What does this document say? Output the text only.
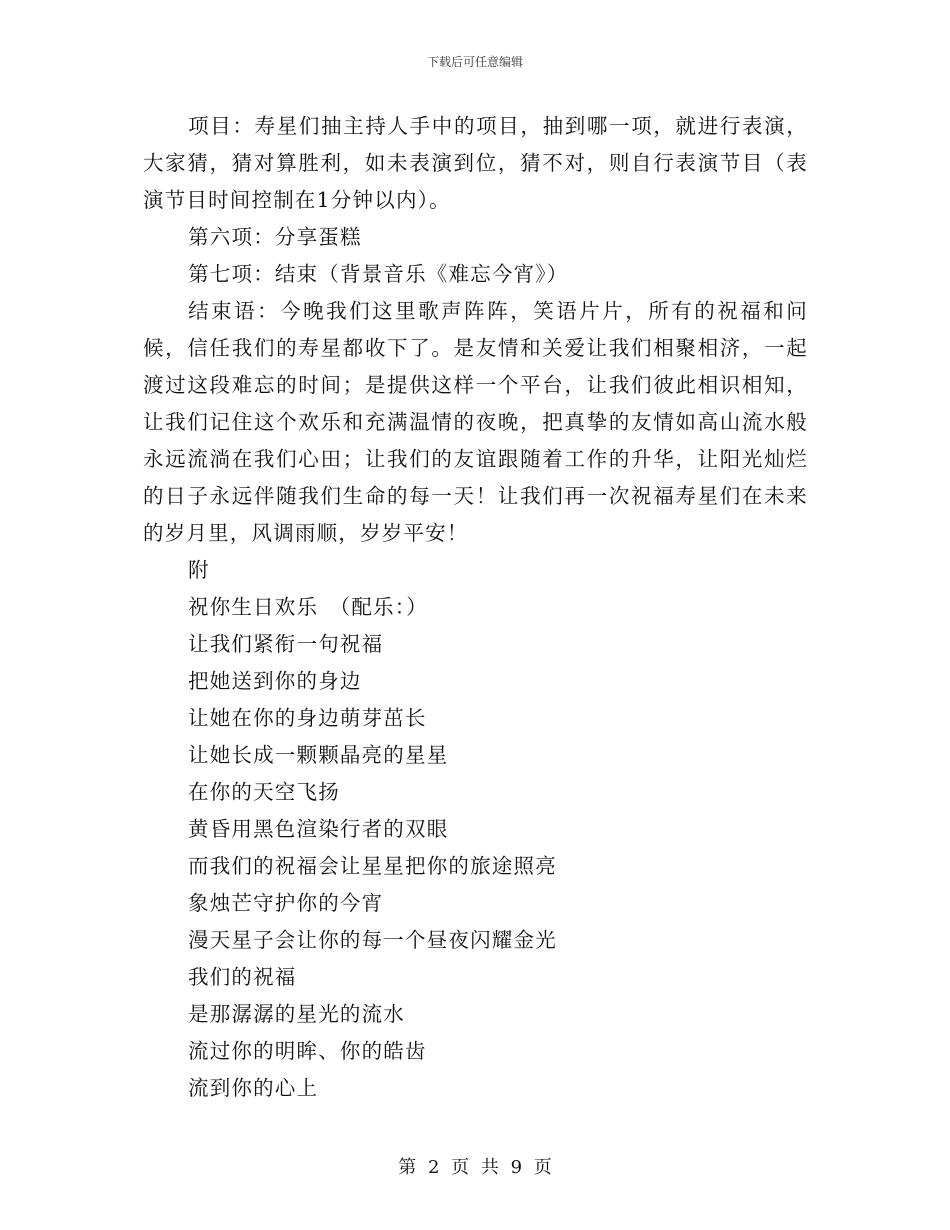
下载后可任意编辑

项目：寿星们抽主持人手中的项目，抽到哪一项，就进行表演，大家猜，猜对算胜利，如未表演到位，猜不对，则自行表演节目（表演节目时间控制在1分钟以内）。

第六项：分享蛋糕

第七项：结束（背景音乐《难忘今宵》）

结束语：今晚我们这里歌声阵阵，笑语片片，所有的祝福和问候，信任我们的寿星都收下了。是友情和关爱让我们相聚相济，一起渡过这段难忘的时间；是提供这样一个平台，让我们彼此相识相知，让我们记住这个欢乐和充满温情的夜晚，把真挚的友情如高山流水般永远流淌在我们心田；让我们的友谊跟随着工作的升华，让阳光灿烂的日子永远伴随我们生命的每一天！让我们再一次祝福寿星们在未来的岁月里，风调雨顺，岁岁平安！

附

祝你生日欢乐　（配乐：）

让我们紧衔一句祝福

把她送到你的身边

让她在你的身边萌芽茁长

让她长成一颗颗晶亮的星星

在你的天空飞扬

黄昏用黑色渲染行者的双眼

而我们的祝福会让星星把你的旅途照亮

象烛芒守护你的今宵

漫天星子会让你的每一个昼夜闪耀金光

我们的祝福

是那潺潺的星光的流水

流过你的明眸、你的皓齿

流到你的心上

第 2 页 共 9 页
